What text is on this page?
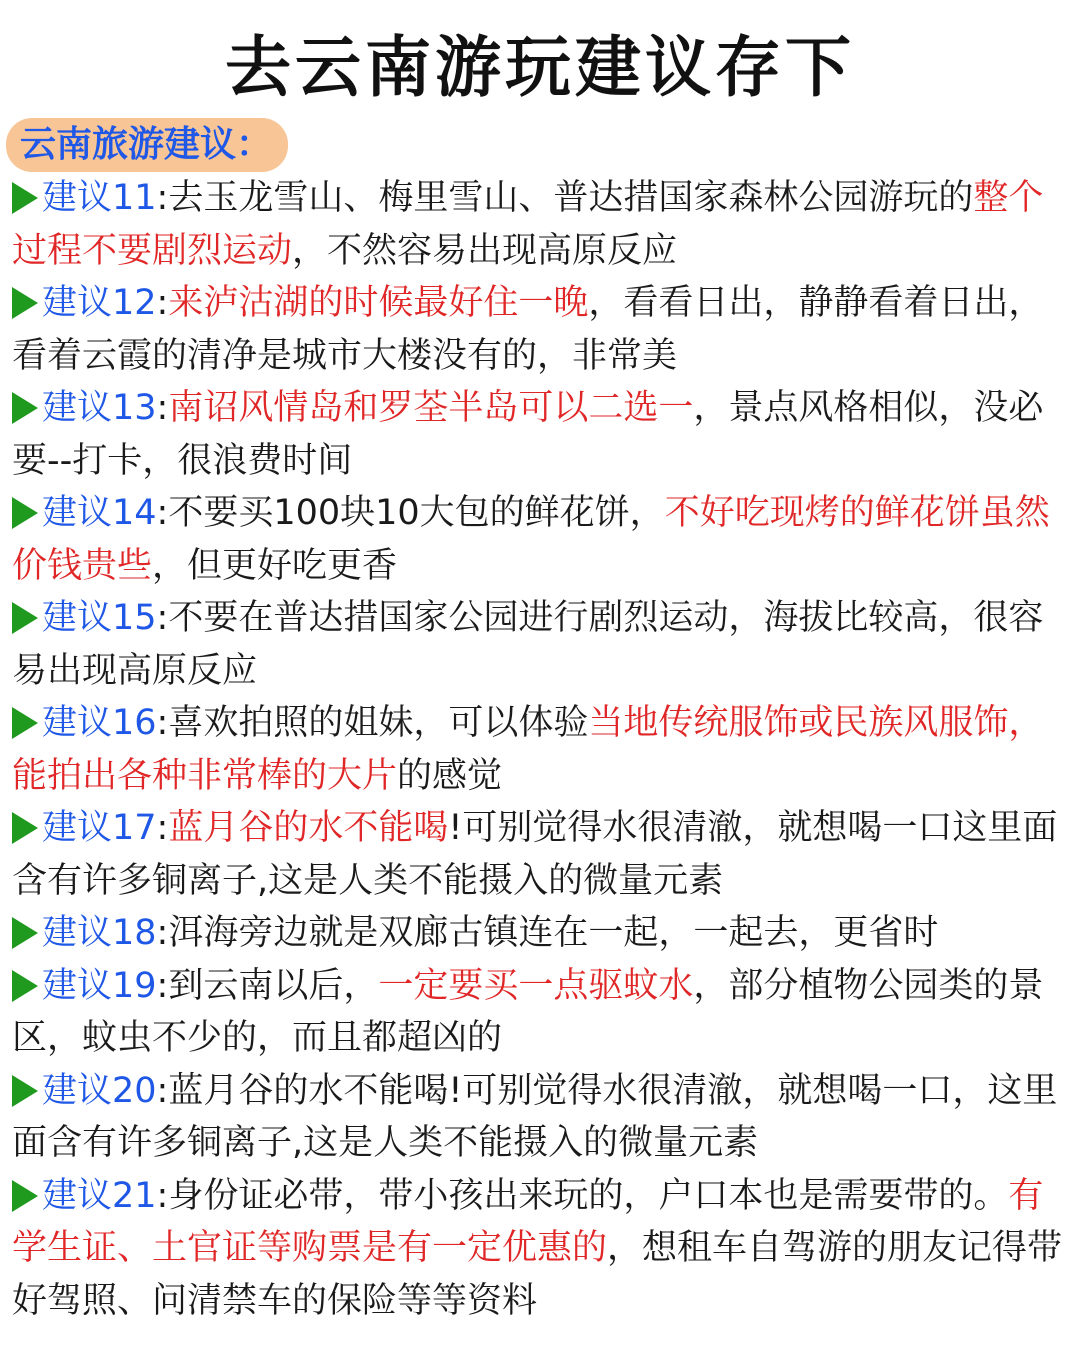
去云南游玩建议存下
云南旅游建议：
建议11:去玉龙雪山、梅里雪山、普达措国家森林公园游玩的整个过程不要剧烈运动，不然容易出现高原反应
建议12:来泸沽湖的时候最好住一晚，看看日出，静静看着日出，看着云霞的清净是城市大楼没有的，非常美
建议13:南诏风情岛和罗荃半岛可以二选一，景点风格相似，没必要--打卡，很浪费时间
建议14:不要买100块10大包的鲜花饼，不好吃现烤的鲜花饼虽然价钱贵些，但更好吃更香
建议15:不要在普达措国家公园进行剧烈运动，海拔比较高，很容易出现高原反应
建议16:喜欢拍照的姐妹，可以体验当地传统服饰或民族风服饰，能拍出各种非常棒的大片的感觉
建议17:蓝月谷的水不能喝!可别觉得水很清澈，就想喝一口这里面含有许多铜离子,这是人类不能摄入的微量元素
建议18:洱海旁边就是双廊古镇连在一起，一起去，更省时
建议19:到云南以后，一定要买一点驱蚊水，部分植物公园类的景区，蚊虫不少的，而且都超凶的
建议20:蓝月谷的水不能喝!可别觉得水很清澈，就想喝一口，这里面含有许多铜离子,这是人类不能摄入的微量元素
建议21:身份证必带，带小孩出来玩的，户口本也是需要带的。有学生证、土官证等购票是有一定优惠的，想租车自驾游的朋友记得带好驾照、问清禁车的保险等等资料
